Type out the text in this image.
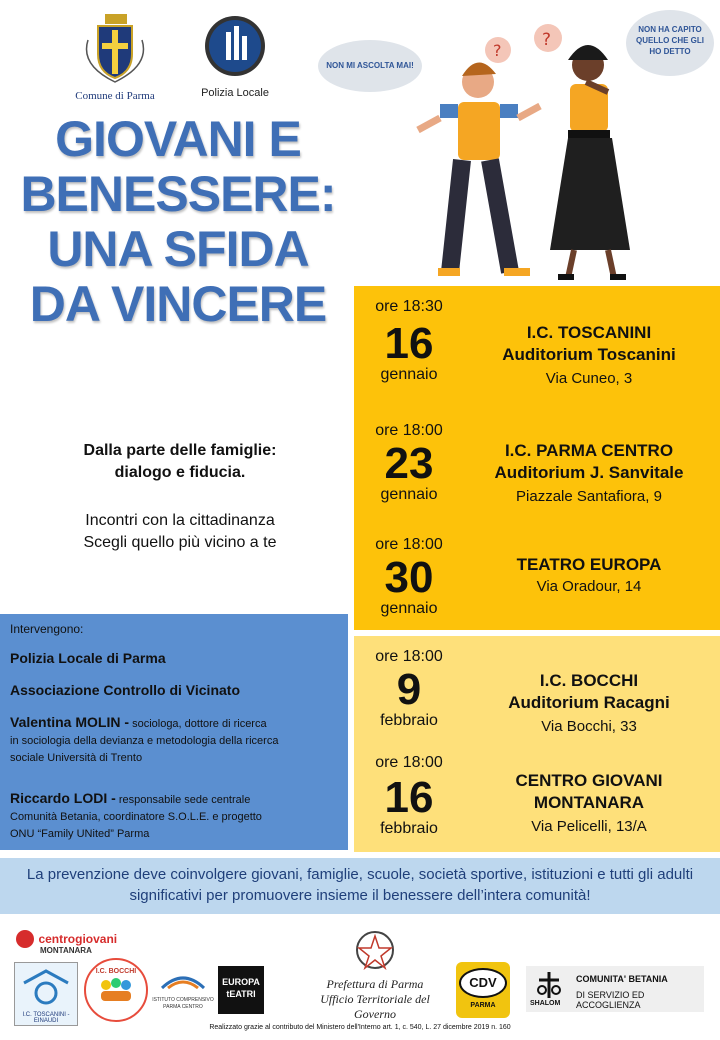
Comune di Parma	Polizia Locale
NON MI ASCOLTA MAI!
NON HA CAPITO
QUELLO CHE GLI
HO DETTO
?
?
GIOVANI E
BENESSERE:
UNA SFIDA
DA VINCERE
Dalla parte delle famiglie:
dialogo e fiducia.
Incontri con la cittadinanza
Scegli quello più vicino a te
Intervengono:
Polizia Locale di Parma
Associazione Controllo di Vicinato
Valentina MOLIN - sociologa, dottore di ricerca
in sociologia della devianza e metodologia della ricerca
sociale Università di Trento
Riccardo LODI - responsabile sede centrale
Comunità Betania, coordinatore S.O.L.E. e progetto
ONU “Family UNited” Parma
ore 18:30
16
gennaio
I.C. TOSCANINI
Auditorium Toscanini
Via Cuneo, 3
ore 18:00
23
gennaio
I.C. PARMA CENTRO
Auditorium J. Sanvitale
Piazzale Santafiora, 9
ore 18:00
30
gennaio
TEATRO EUROPA
Via Oradour, 14
ore 18:00
9
febbraio
I.C. BOCCHI
Auditorium Racagni
Via Bocchi, 33
ore 18:00
16
febbraio
CENTRO GIOVANI
MONTANARA
Via Pelicelli, 13/A
La prevenzione deve coinvolgere giovani, famiglie, scuole, società sportive, istituzioni e tutti gli adulti
significativi per promuovere insieme il benessere dell’intera comunità!
centrogiovani
MONTANARA
I.C. TOSCANINI - EINAUDI
I.C. BOCCHI
ISTITUTO COMPRENSIVO PARMA CENTRO
EUROPA tEATRI
Prefettura di Parma
Ufficio Territoriale del Governo
CDV
PARMA	SHALOM
COMUNITA' BETANIA
DI SERVIZIO ED ACCOGLIENZA
Realizzato grazie al contributo del Ministero dell'Interno art. 1, c. 540, L. 27 dicembre 2019 n. 160
